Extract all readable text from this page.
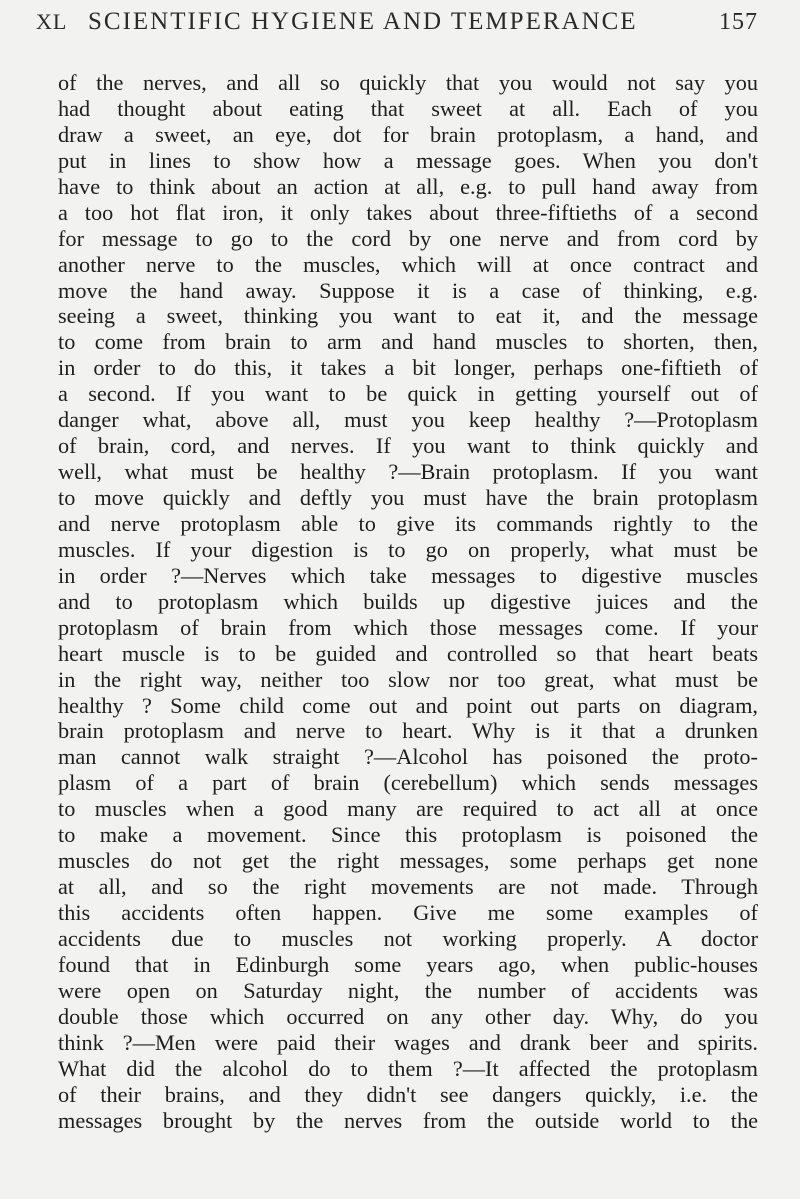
XL SCIENTIFIC HYGIENE AND TEMPERANCE	157
of the nerves, and all so quickly that you would not say you
had thought about eating that sweet at all. Each of you
draw a sweet, an eye, dot for brain protoplasm, a hand, and
put in lines to show how a message goes. When you don't
have to think about an action at all, e.g. to pull hand away from
a too hot flat iron, it only takes about three-fiftieths of a second
for message to go to the cord by one nerve and from cord by
another nerve to the muscles, which will at once contract and
move the hand away. Suppose it is a case of thinking, e.g.
seeing a sweet, thinking you want to eat it, and the message
to come from brain to arm and hand muscles to shorten, then,
in order to do this, it takes a bit longer, perhaps one-fiftieth of
a second. If you want to be quick in getting yourself out of
danger what, above all, must you keep healthy ?—Protoplasm
of brain, cord, and nerves. If you want to think quickly and
well, what must be healthy ?—Brain protoplasm. If you want
to move quickly and deftly you must have the brain protoplasm
and nerve protoplasm able to give its commands rightly to the
muscles. If your digestion is to go on properly, what must be
in order ?—Nerves which take messages to digestive muscles
and to protoplasm which builds up digestive juices and the
protoplasm of brain from which those messages come. If your
heart muscle is to be guided and controlled so that heart beats
in the right way, neither too slow nor too great, what must be
healthy ? Some child come out and point out parts on diagram,
brain protoplasm and nerve to heart. Why is it that a drunken
man cannot walk straight ?—Alcohol has poisoned the proto-
plasm of a part of brain (cerebellum) which sends messages
to muscles when a good many are required to act all at once
to make a movement. Since this protoplasm is poisoned the
muscles do not get the right messages, some perhaps get none
at all, and so the right movements are not made. Through
this accidents often happen. Give me some examples of
accidents due to muscles not working properly. A doctor
found that in Edinburgh some years ago, when public-houses
were open on Saturday night, the number of accidents was
double those which occurred on any other day. Why, do you
think ?—Men were paid their wages and drank beer and spirits.
What did the alcohol do to them ?—It affected the protoplasm
of their brains, and they didn't see dangers quickly, i.e. the
messages brought by the nerves from the outside world to the
